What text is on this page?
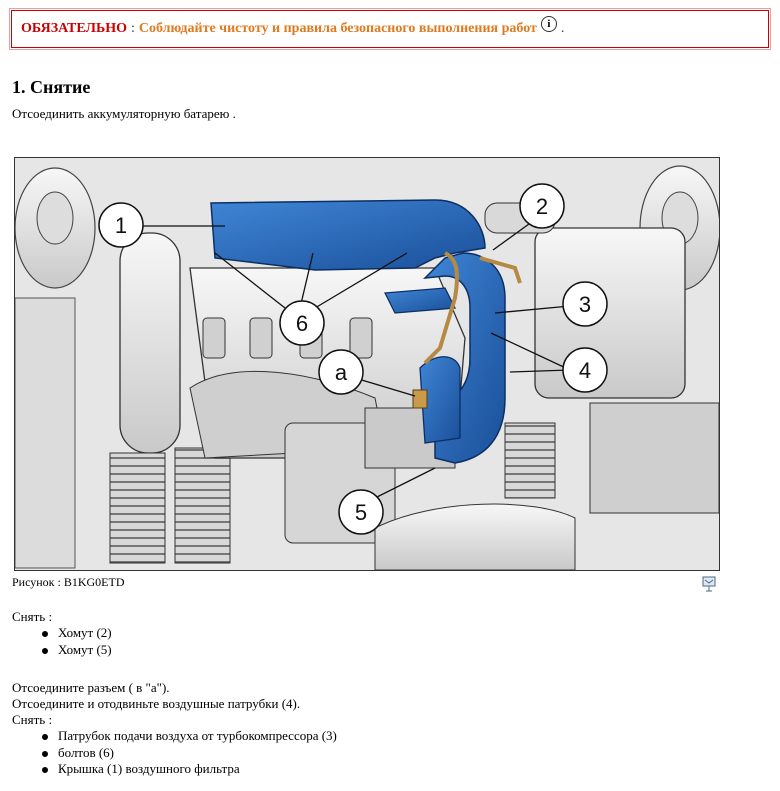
ОБЯЗАТЕЛЬНО : Соблюдайте чистоту и правила безопасного выполнения работ i .
1. Снятие
Отсоединить аккумуляторную батарею .
1
2
3
4
5
6
a
Рисунок : B1KG0ETD
Снять :
Хомут (2)
Хомут (5)
Отсоедините разъем ( в "а").
Отсоедините и отодвиньте воздушные патрубки (4).
Снять :
Патрубок подачи воздуха от турбокомпрессора (3)
болтов (6)
Крышка (1) воздушного фильтра
